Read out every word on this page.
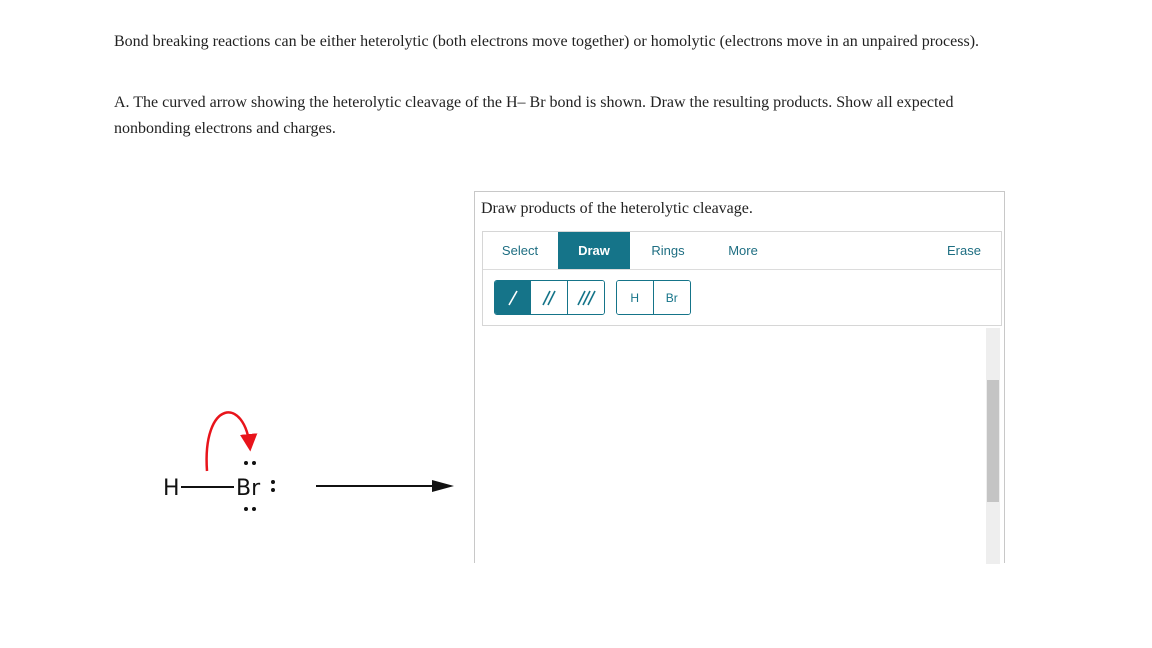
Bond breaking reactions can be either heterolytic (both electrons move together) or homolytic (electrons move in an unpaired process).

A. The curved arrow showing the heterolytic cleavage of the H– Br bond is shown. Draw the resulting products. Show all expected nonbonding electrons and charges.

H	Br
Draw products of the heterolytic cleavage.
Select	Draw	Rings	More	Erase
H	Br
